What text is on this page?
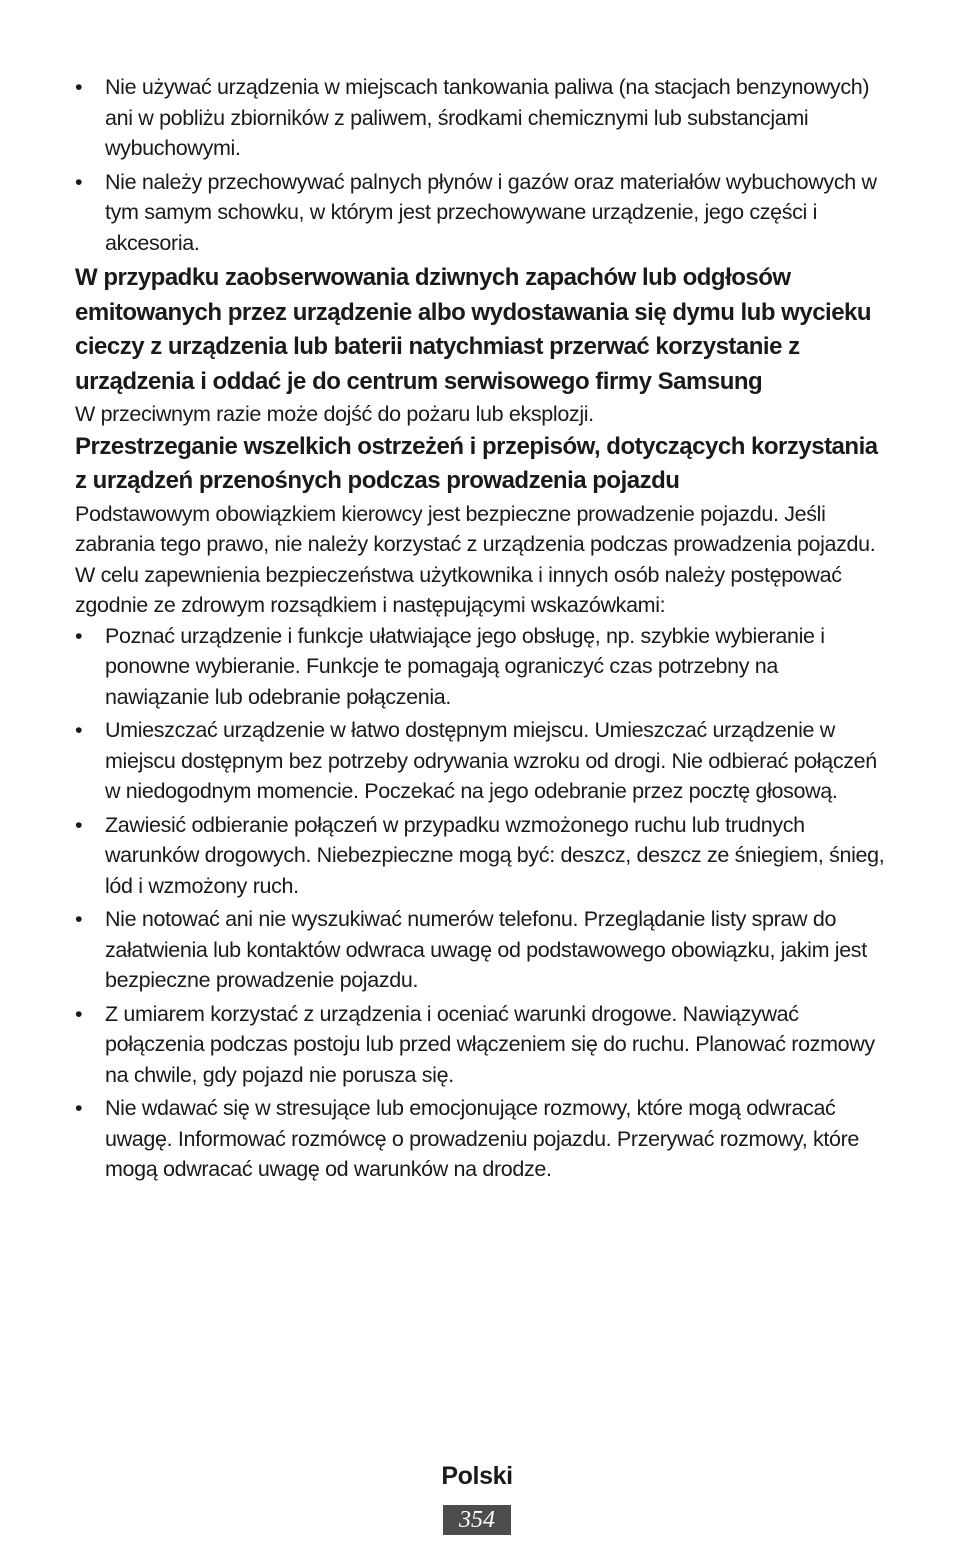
• Nie używać urządzenia w miejscach tankowania paliwa (na stacjach benzynowych) ani w pobliżu zbiorników z paliwem, środkami chemicznymi lub substancjami wybuchowymi.
• Nie należy przechowywać palnych płynów i gazów oraz materiałów wybuchowych w tym samym schowku, w którym jest przechowywane urządzenie, jego części i akcesoria.
W przypadku zaobserwowania dziwnych zapachów lub odgłosów emitowanych przez urządzenie albo wydostawania się dymu lub wycieku cieczy z urządzenia lub baterii natychmiast przerwać korzystanie z urządzenia i oddać je do centrum serwisowego firmy Samsung

W przeciwnym razie może dojść do pożaru lub eksplozji.

Przestrzeganie wszelkich ostrzeżeń i przepisów, dotyczących korzystania z urządzeń przenośnych podczas prowadzenia pojazdu

Podstawowym obowiązkiem kierowcy jest bezpieczne prowadzenie pojazdu. Jeśli zabrania tego prawo, nie należy korzystać z urządzenia podczas prowadzenia pojazdu. W celu zapewnienia bezpieczeństwa użytkownika i innych osób należy postępować zgodnie ze zdrowym rozsądkiem i następującymi wskazówkami:

• Poznać urządzenie i funkcje ułatwiające jego obsługę, np. szybkie wybieranie i ponowne wybieranie. Funkcje te pomagają ograniczyć czas potrzebny na nawiązanie lub odebranie połączenia.
• Umieszczać urządzenie w łatwo dostępnym miejscu. Umieszczać urządzenie w miejscu dostępnym bez potrzeby odrywania wzroku od drogi. Nie odbierać połączeń w niedogodnym momencie. Poczekać na jego odebranie przez pocztę głosową.
• Zawiesić odbieranie połączeń w przypadku wzmożonego ruchu lub trudnych warunków drogowych. Niebezpieczne mogą być: deszcz, deszcz ze śniegiem, śnieg, lód i wzmożony ruch.
• Nie notować ani nie wyszukiwać numerów telefonu. Przeglądanie listy spraw do załatwienia lub kontaktów odwraca uwagę od podstawowego obowiązku, jakim jest bezpieczne prowadzenie pojazdu.
• Z umiarem korzystać z urządzenia i oceniać warunki drogowe. Nawiązywać połączenia podczas postoju lub przed włączeniem się do ruchu. Planować rozmowy na chwile, gdy pojazd nie porusza się.
• Nie wdawać się w stresujące lub emocjonujące rozmowy, które mogą odwracać uwagę. Informować rozmówcę o prowadzeniu pojazdu. Przerywać rozmowy, które mogą odwracać uwagę od warunków na drodze.
Polski
354
